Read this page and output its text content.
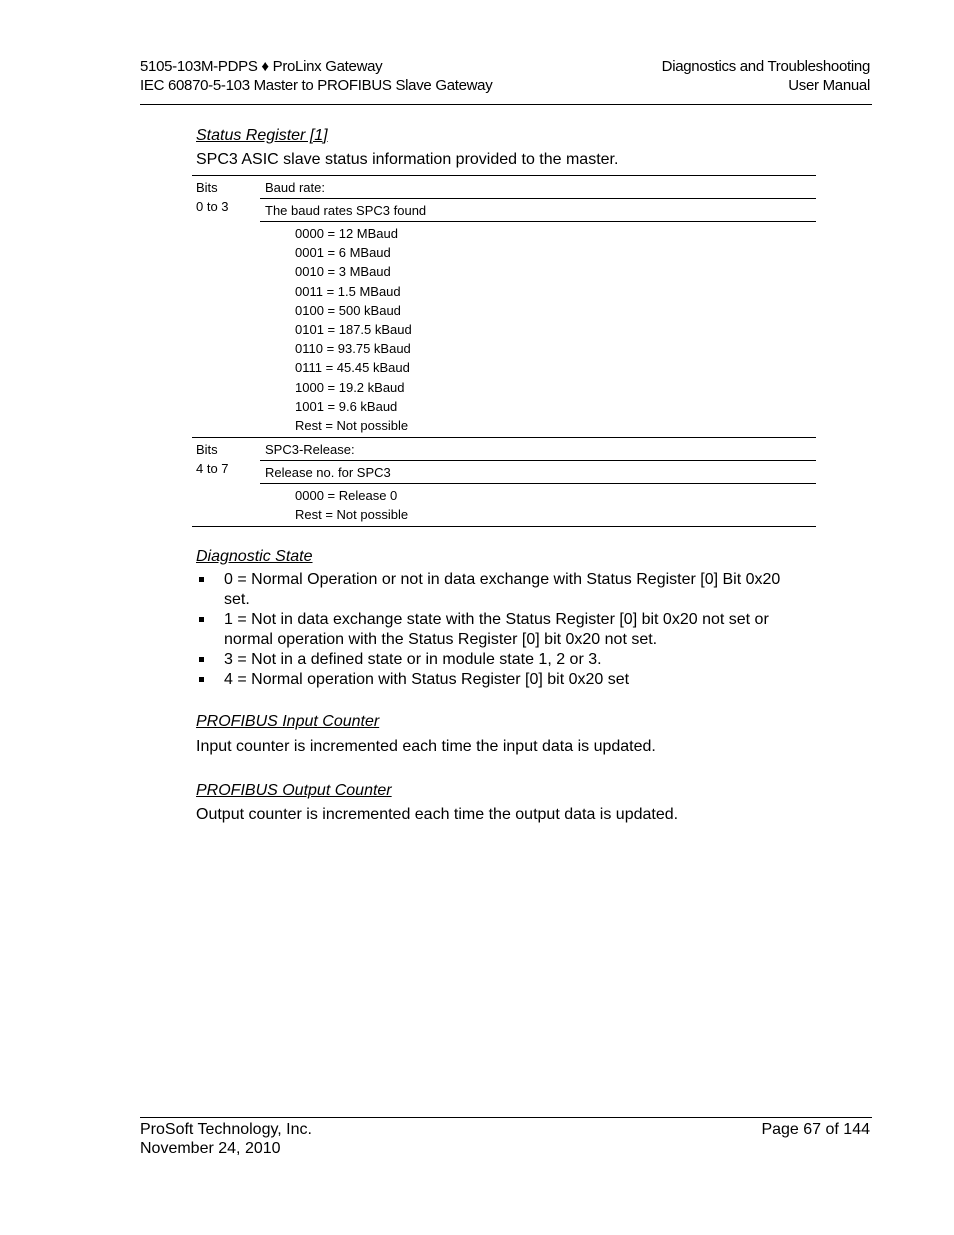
5105-103M-PDPS ♦ ProLinx Gateway
IEC 60870-5-103 Master to PROFIBUS Slave Gateway
Diagnostics and Troubleshooting
User Manual
Status Register [1]
SPC3 ASIC slave status information provided to the master.
Bits
0 to 3
Baud rate:
The baud rates SPC3 found
0000 = 12 MBaud
0001 = 6 MBaud
0010 = 3 MBaud
0011 = 1.5 MBaud
0100 = 500 kBaud
0101 = 187.5 kBaud
0110 = 93.75 kBaud
0111 = 45.45 kBaud
1000 = 19.2 kBaud
1001 = 9.6 kBaud
Rest = Not possible
Bits
4 to 7
SPC3-Release:
Release no. for SPC3
0000 = Release 0
Rest = Not possible
Diagnostic State
0 = Normal Operation or not in data exchange with Status Register [0] Bit 0x20 set.
1 = Not in data exchange state with the Status Register [0] bit 0x20 not set or normal operation with the Status Register [0] bit 0x20 not set.
3 = Not in a defined state or in module state 1, 2 or 3.
4 = Normal operation with Status Register [0] bit 0x20 set
PROFIBUS Input Counter
Input counter is incremented each time the input data is updated.
PROFIBUS Output Counter
Output counter is incremented each time the output data is updated.
ProSoft Technology, Inc.
November 24, 2010
Page 67 of 144
